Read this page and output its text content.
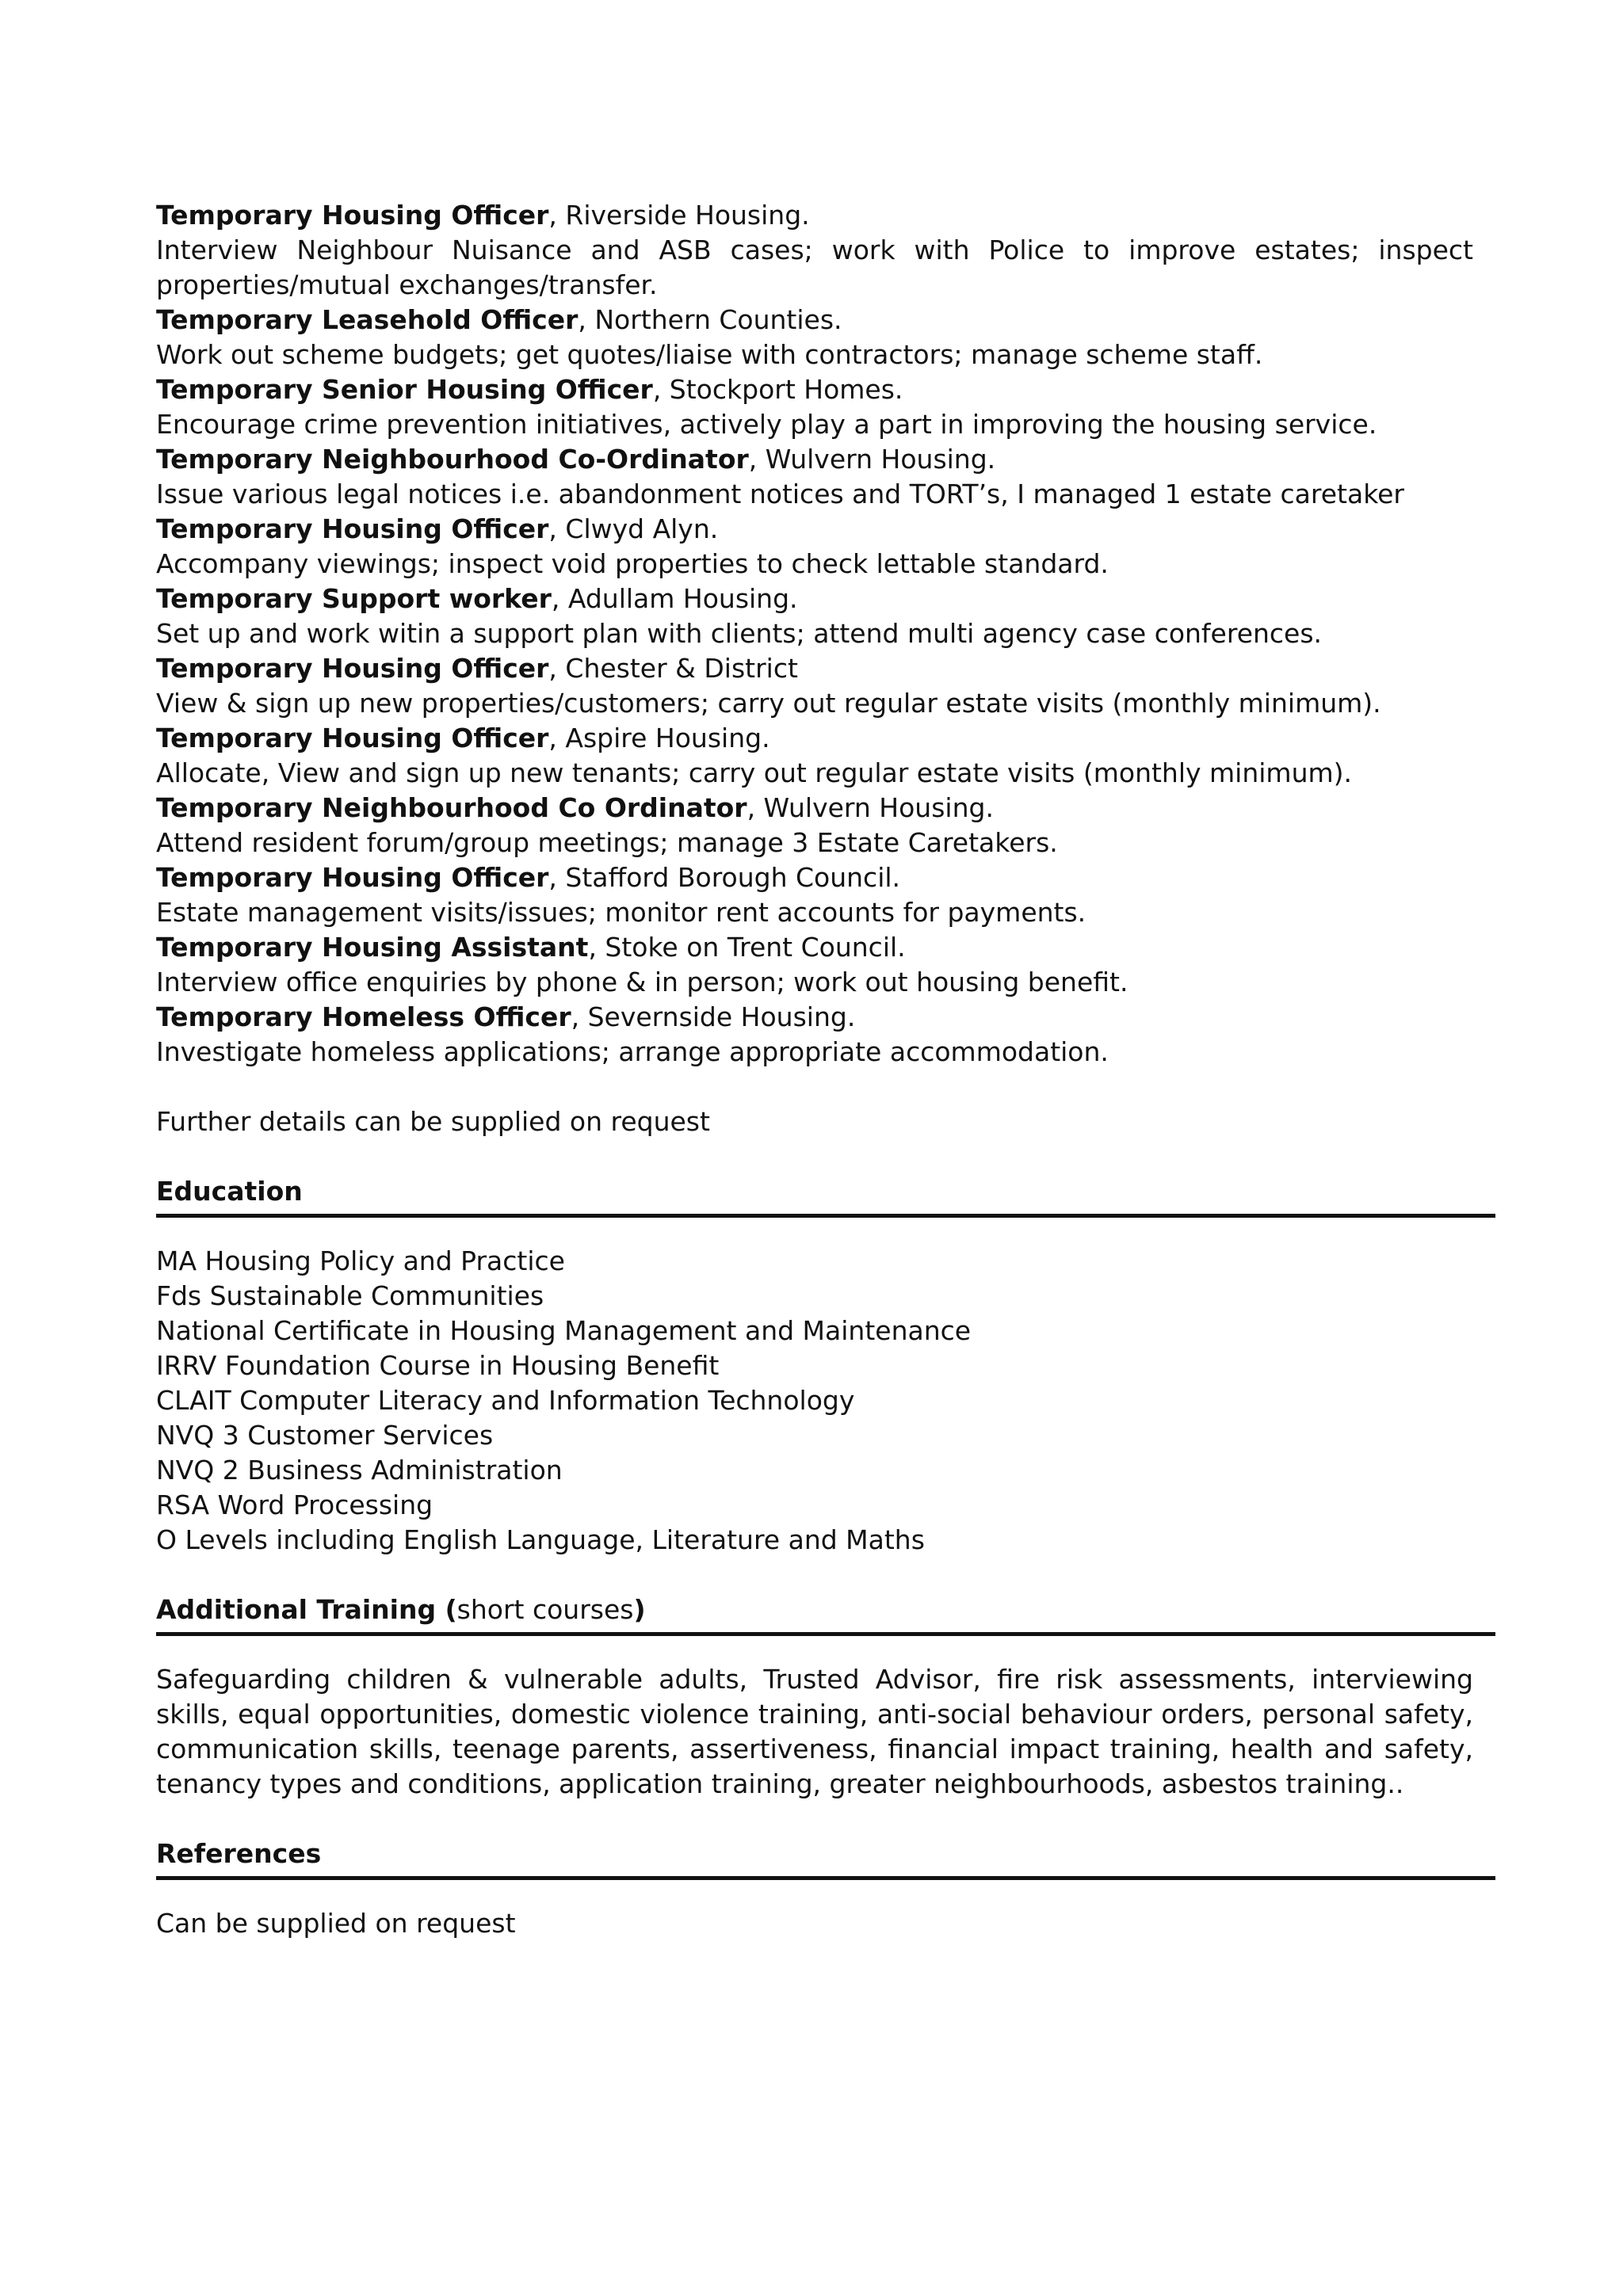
Temporary Housing Officer, Riverside Housing.
Interview Neighbour Nuisance and ASB cases; work with Police to improve estates; inspect properties/mutual exchanges/transfer.
Temporary Leasehold Officer, Northern Counties.
Work out scheme budgets; get quotes/liaise with contractors; manage scheme staff.
Temporary Senior Housing Officer, Stockport Homes.
Encourage crime prevention initiatives, actively play a part in improving the housing service.
Temporary Neighbourhood Co-Ordinator, Wulvern Housing.
Issue various legal notices i.e. abandonment notices and TORT’s, I managed 1 estate caretaker
Temporary Housing Officer, Clwyd Alyn.
Accompany viewings; inspect void properties to check lettable standard.
Temporary Support worker, Adullam Housing.
Set up and work witin a support plan with clients; attend multi agency case conferences.
Temporary Housing Officer, Chester & District
View & sign up new properties/customers; carry out regular estate visits (monthly minimum).
Temporary Housing Officer, Aspire Housing.
Allocate, View and sign up new tenants; carry out regular estate visits (monthly minimum).
Temporary Neighbourhood Co Ordinator, Wulvern Housing.
Attend resident forum/group meetings; manage 3 Estate Caretakers.
Temporary Housing Officer, Stafford Borough Council.
Estate management visits/issues; monitor rent accounts for payments.
Temporary Housing Assistant, Stoke on Trent Council.
Interview office enquiries by phone & in person; work out housing benefit.
Temporary Homeless Officer, Severnside Housing.
Investigate homeless applications; arrange appropriate accommodation.
Further details can be supplied on request
Education
MA Housing Policy and Practice
Fds Sustainable Communities
National Certificate in Housing Management and Maintenance
IRRV Foundation Course in Housing Benefit
CLAIT Computer Literacy and Information Technology
NVQ 3 Customer Services
NVQ 2 Business Administration
RSA Word Processing
O Levels including English Language, Literature and Maths
Additional Training (short courses)
Safeguarding children & vulnerable adults, Trusted Advisor, fire risk assessments, interviewing skills, equal opportunities, domestic violence training, anti-social behaviour orders, personal safety, communication skills, teenage parents, assertiveness, financial impact training, health and safety, tenancy types and conditions, application training, greater neighbourhoods, asbestos training..
References
Can be supplied on request
